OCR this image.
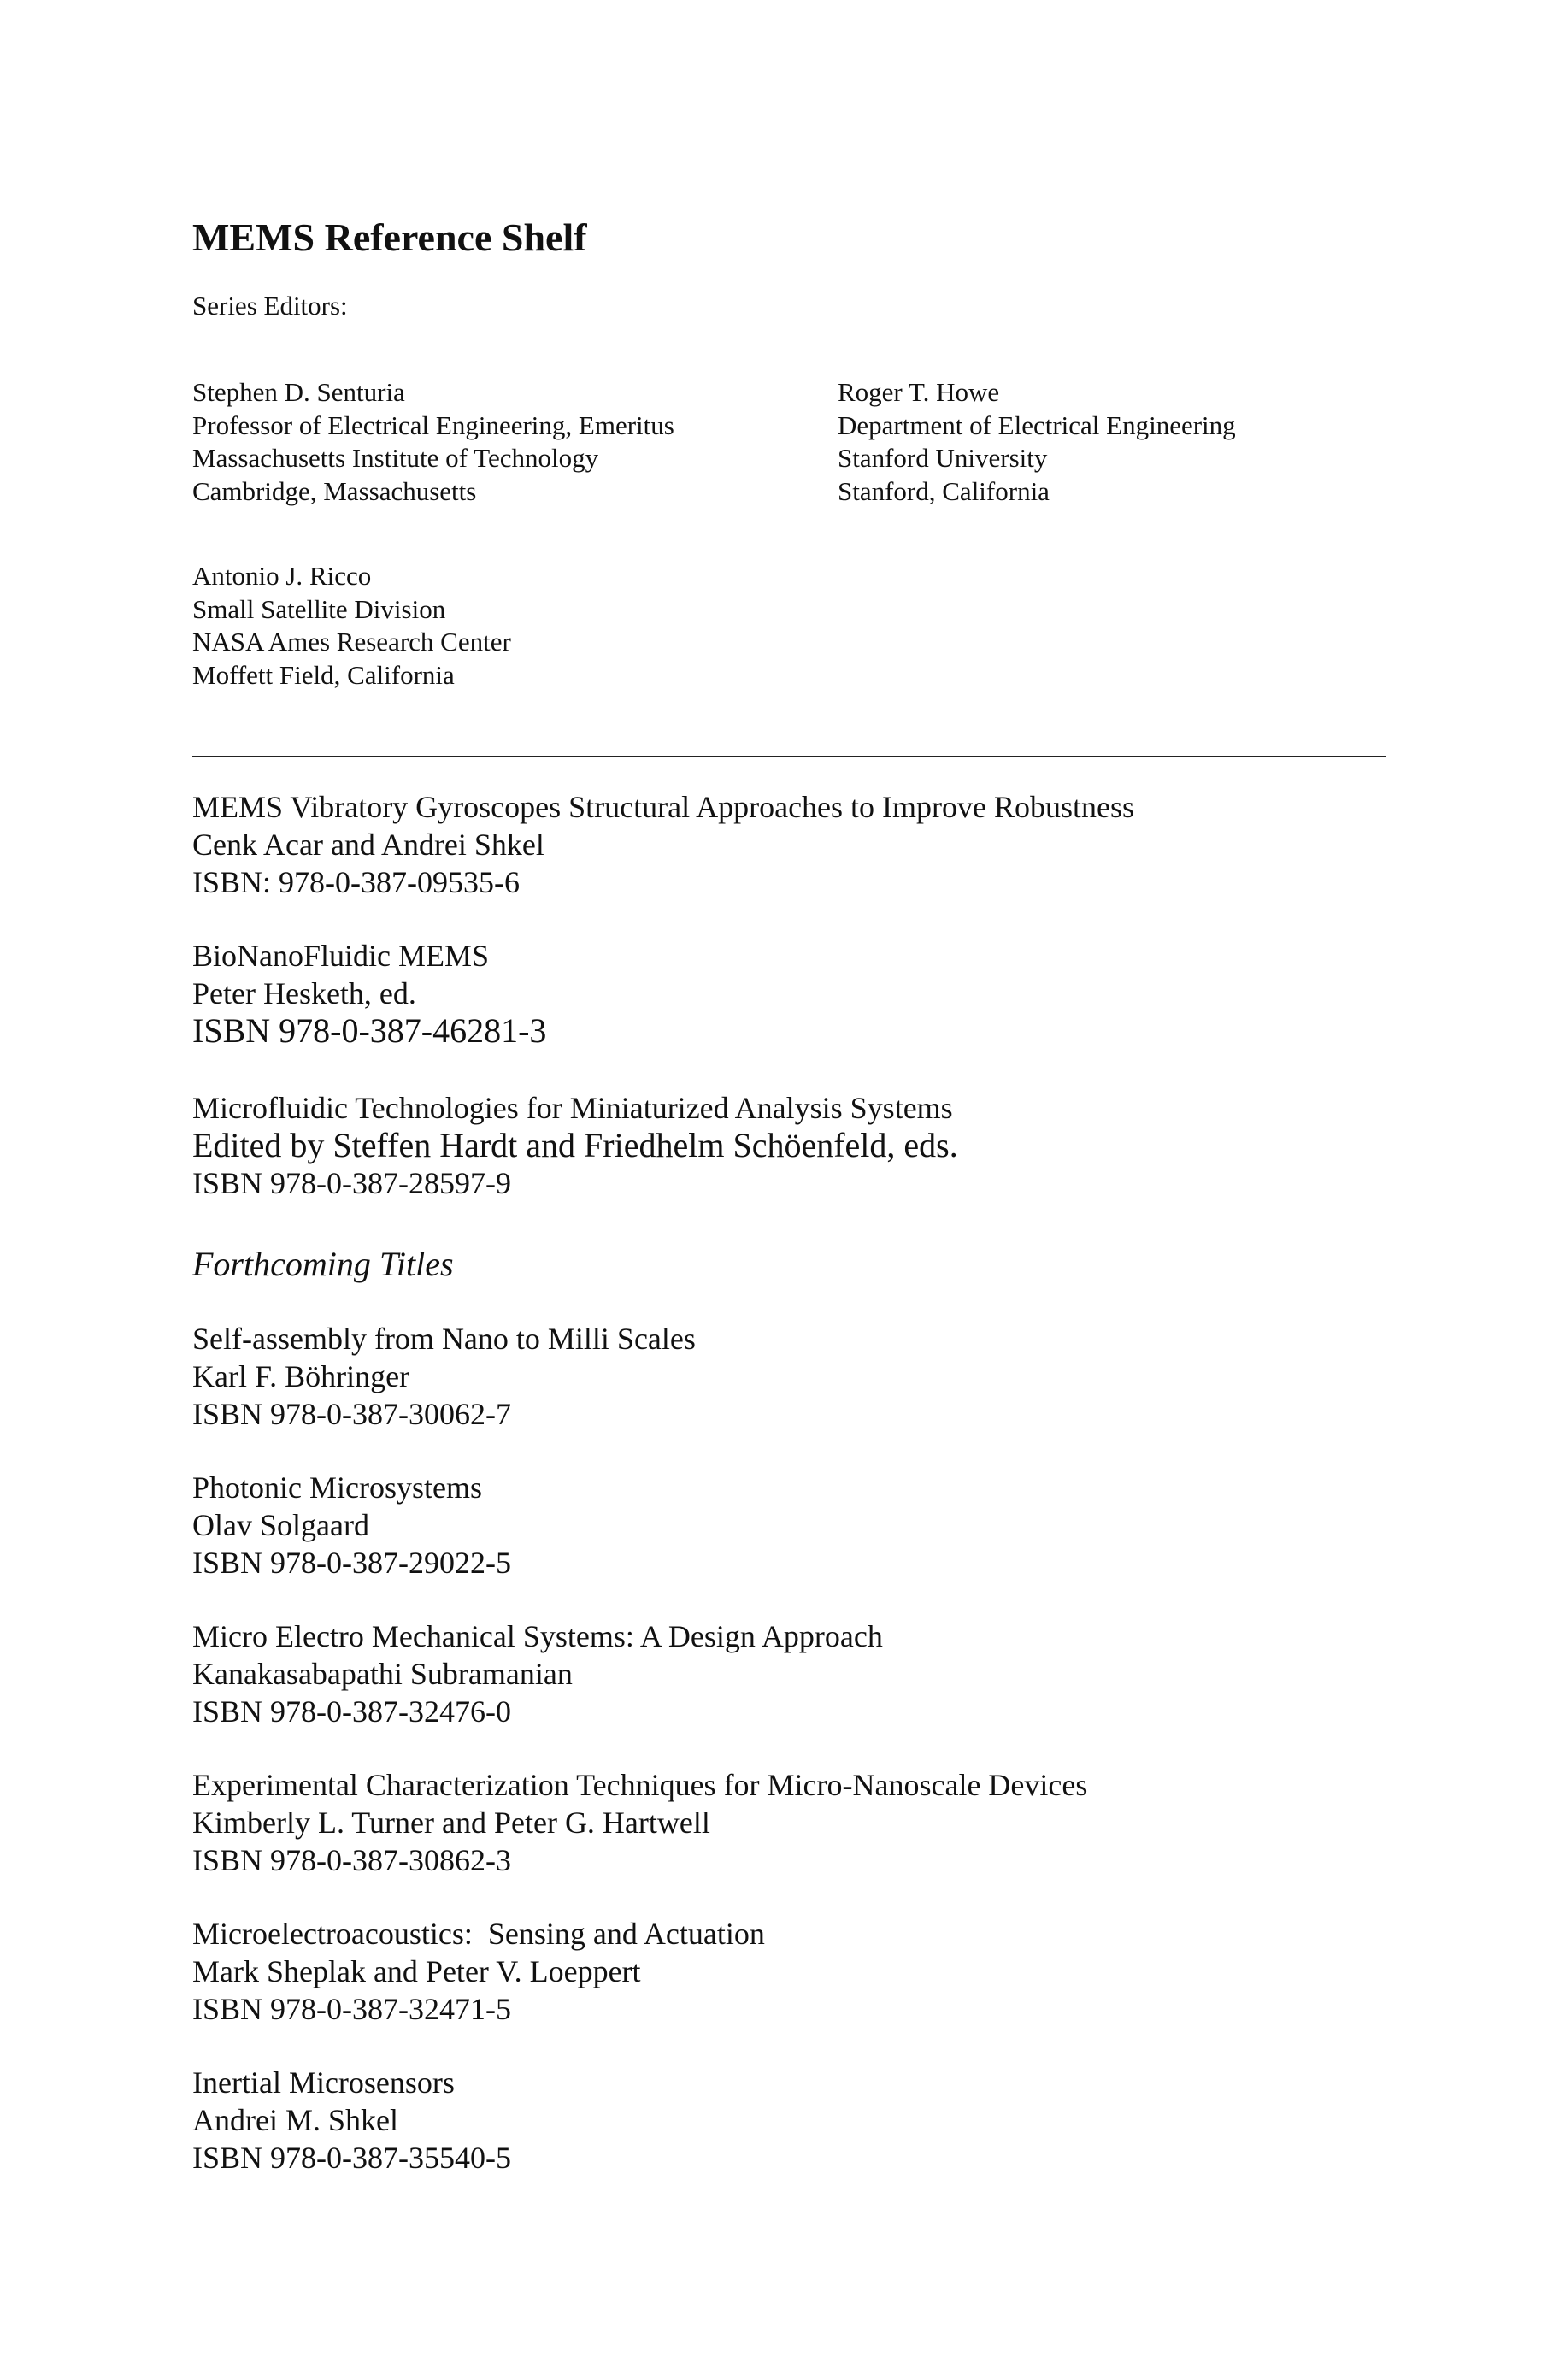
MEMS Reference Shelf

Series Editors:

Stephen D. Senturia
Professor of Electrical Engineering, Emeritus
Massachusetts Institute of Technology
Cambridge, Massachusetts
Roger T. Howe
Department of Electrical Engineering
Stanford University
Stanford, California
Antonio J. Ricco
Small Satellite Division
NASA Ames Research Center
Moffett Field, California
MEMS Vibratory Gyroscopes Structural Approaches to Improve Robustness
Cenk Acar and Andrei Shkel
ISBN: 978-0-387-09535-6
BioNanoFluidic MEMS
Peter Hesketh, ed.
ISBN 978-0-387-46281-3
Microfluidic Technologies for Miniaturized Analysis Systems
Edited by Steffen Hardt and Friedhelm Schöenfeld, eds.
ISBN 978-0-387-28597-9
Forthcoming Titles
Self-assembly from Nano to Milli Scales
Karl F. Böhringer
ISBN 978-0-387-30062-7
Photonic Microsystems
Olav Solgaard
ISBN 978-0-387-29022-5
Micro Electro Mechanical Systems: A Design Approach
Kanakasabapathi Subramanian
ISBN 978-0-387-32476-0
Experimental Characterization Techniques for Micro-Nanoscale Devices
Kimberly L. Turner and Peter G. Hartwell
ISBN 978-0-387-30862-3
Microelectroacoustics:  Sensing and Actuation
Mark Sheplak and Peter V. Loeppert
ISBN 978-0-387-32471-5
Inertial Microsensors
Andrei M. Shkel
ISBN 978-0-387-35540-5
